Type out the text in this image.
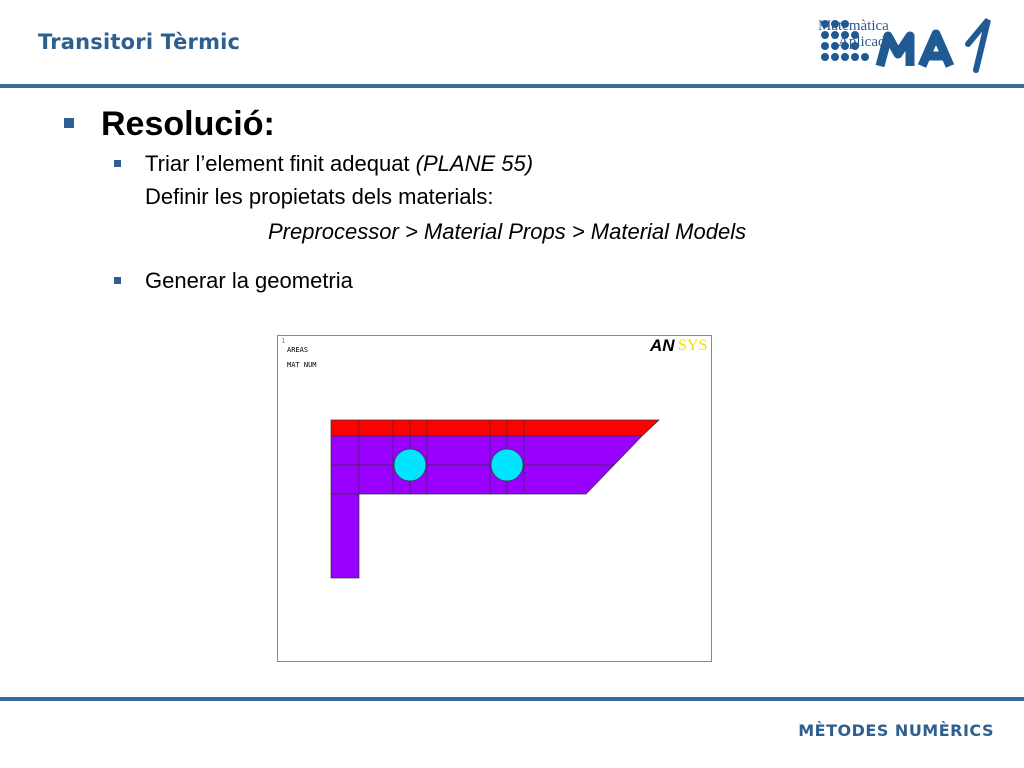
Transitori Tèrmic
Matemàtica
Aplicada
Resolució:
Triar l’element finit adequat (PLANE 55)
Definir les propietats dels materials:
Preprocessor > Material Props > Material Models
Generar la geometria
1
AREAS
MAT NUM
AN SYS
MÈTODES NUMÈRICS
